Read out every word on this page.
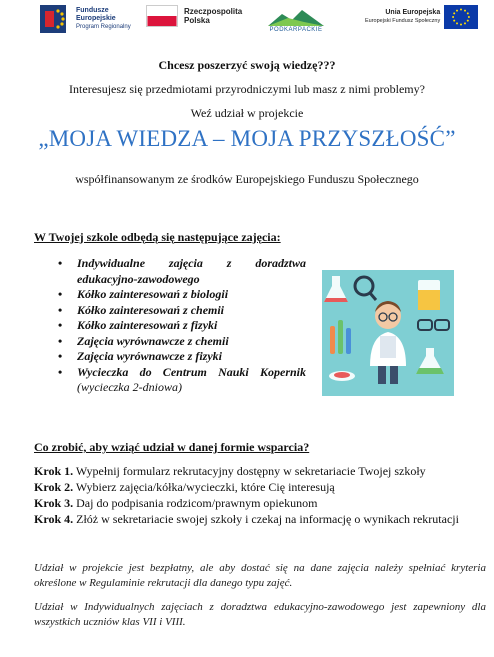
Fundusze
Europejskie
Program Regionalny
Rzeczpospolita
Polska
PODKARPACKIE
Unia Europejska
Europejski Fundusz Społeczny
Chcesz poszerzyć swoją wiedzę???
Interesujesz się przedmiotami przyrodniczymi lub masz z nimi problemy?
Weź udział w projekcie
„MOJA WIEDZA – MOJA PRZYSZŁOŚĆ”
współfinansowanym ze środków Europejskiego Funduszu Społecznego
W Twojej szkole odbędą się następujące zajęcia:
• Indywidualne zajęcia z doradztwa
edukacyjno-zawodowego
• Kółko zainteresowań z biologii
• Kółko zainteresowań z chemii
• Kółko zainteresowań z fizyki
• Zajęcia wyrównawcze z chemii
• Zajęcia wyrównawcze z fizyki
• Wycieczka do Centrum Nauki Kopernik
(wycieczka 2-dniowa)
Co zrobić, aby wziąć udział w danej formie wsparcia?

Krok 1. Wypełnij formularz rekrutacyjny dostępny w sekretariacie Twojej szkoły

Krok 2. Wybierz zajęcia/kółka/wycieczki, które Cię interesują

Krok 3. Daj do podpisania rodzicom/prawnym opiekunom

Krok 4. Złóż w sekretariacie swojej szkoły i czekaj na informację o wynikach rekrutacji

Udział w projekcie jest bezpłatny, ale aby dostać się na dane zajęcia należy spełniać kryteria określone w Regulaminie rekrutacji dla danego typu zajęć.

Udział w Indywidualnych zajęciach z doradztwa edukacyjno-zawodowego jest zapewniony dla wszystkich uczniów klas VII i VIII.
